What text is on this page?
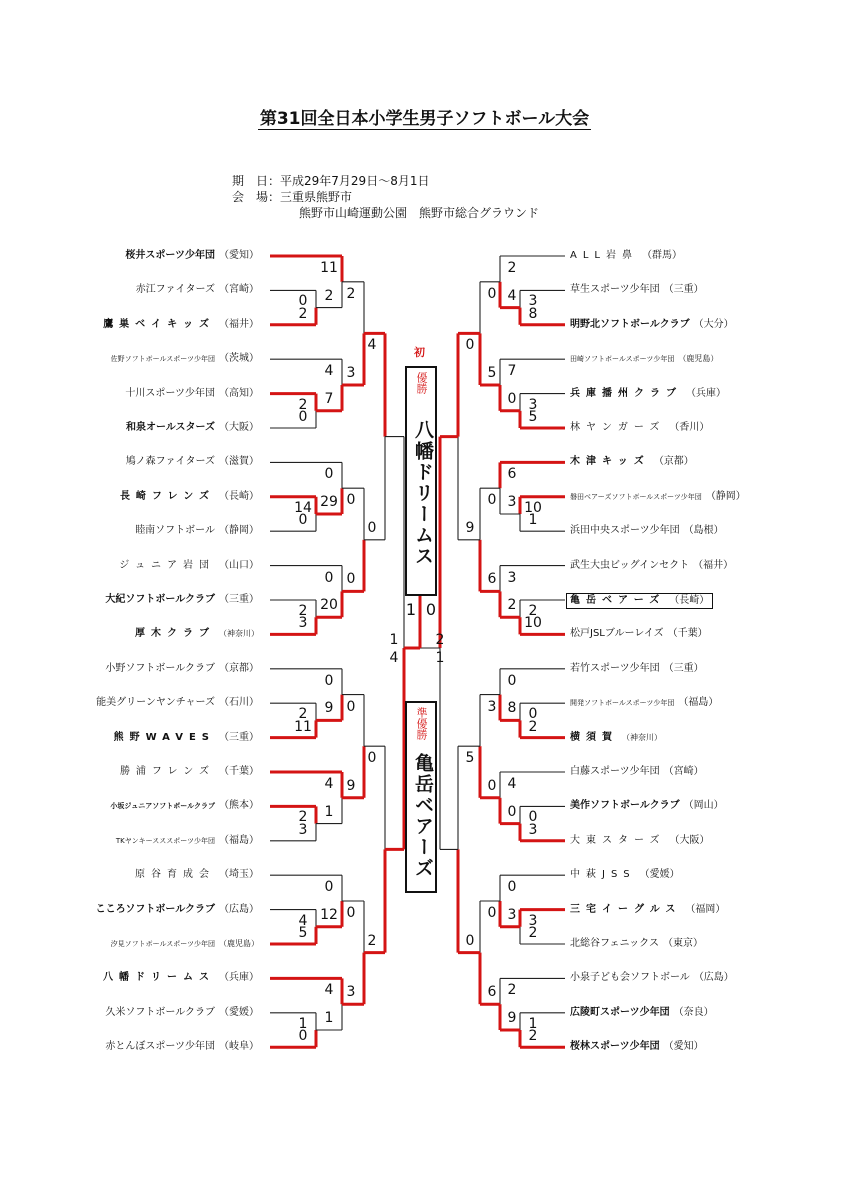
第31回全日本小学生男子ソフトボール大会
期　日：平成29年7月29日～8月1日
会　場：三重県熊野市
熊野市山崎運動公園　熊野市総合グラウンド
桜井スポーツ少年団 （愛知）	ALL岩鼻 （群馬）
赤江ファイターズ （宮崎）	草生スポーツ少年団 （三重）
鷹巣ベイキッズ （福井）	明野北ソフトボールクラブ （大分）
佐野ソフトボールスポーツ少年団 （茨城）	田崎ソフトボールスポーツ少年団 （鹿児島）
十川スポーツ少年団 （高知）	兵庫播州クラブ （兵庫）
和泉オールスターズ （大阪）	林ヤンガーズ （香川）
鳩ノ森ファイターズ （滋賀）	木津キッズ （京都）
長崎フレンズ （長崎）	磐田ベアーズソフトボールスポーツ少年団 （静岡）
睦南ソフトボール （静岡）	浜田中央スポーツ少年団 （島根）
ジュニア岩団 （山口）	武生大虫ビッグインセクト （福井）
大紀ソフトボールクラブ （三重）	亀岳ベアーズ （長崎）
厚木クラブ （神奈川）	松戸JSLブルーレイズ （千葉）
小野ソフトボールクラブ （京都）	若竹スポーツ少年団 （三重）
能美グリーンヤンチャーズ （石川）	開発ソフトボールスポーツ少年団 （福島）
熊野WAVES （三重）	横須賀 （神奈川）
勝浦フレンズ （千葉）	白藤スポーツ少年団 （宮崎）
小坂ジュニアソフトボールクラブ （熊本）	美作ソフトボールクラブ （岡山）
TKヤンキースススポーツ少年団 （福島）	大東スターズ （大阪）
原谷育成会 （埼玉）	中萩JSS （愛媛）
こころソフトボールクラブ （広島）	三宅イーグルス （福岡）
汐見ソフトボールスポーツ少年団 （鹿児島）	北総谷フェニックス （東京）
八幡ドリームス （兵庫）	小泉子ども会ソフトボール （広島）
久米ソフトボールクラブ （愛媛）	広陵町スポーツ少年団 （奈良）
赤とんぼスポーツ少年団 （岐阜）	桜林スポーツ少年団 （愛知）
0
2
11
2
2
0
4
7
14
0
0
29
2
3
0
20
2
11
0
9
2
3
4
1
4
5
0
12
1
0
4
1
2
3
0
0
0
9
0
3
4
0
0
2
3
8
2
4
3
5
7
0
10
1
6
3
2
10
3
2
0
2
0
8
0
3
4
0
3
2
0
3
1
2
2
9
0
5
0
6
3
0
0
6
0
9
5
0
1
4
2
1
1 0
初
優勝
八幡ドリームス
準優勝
亀岳ベアーズ
